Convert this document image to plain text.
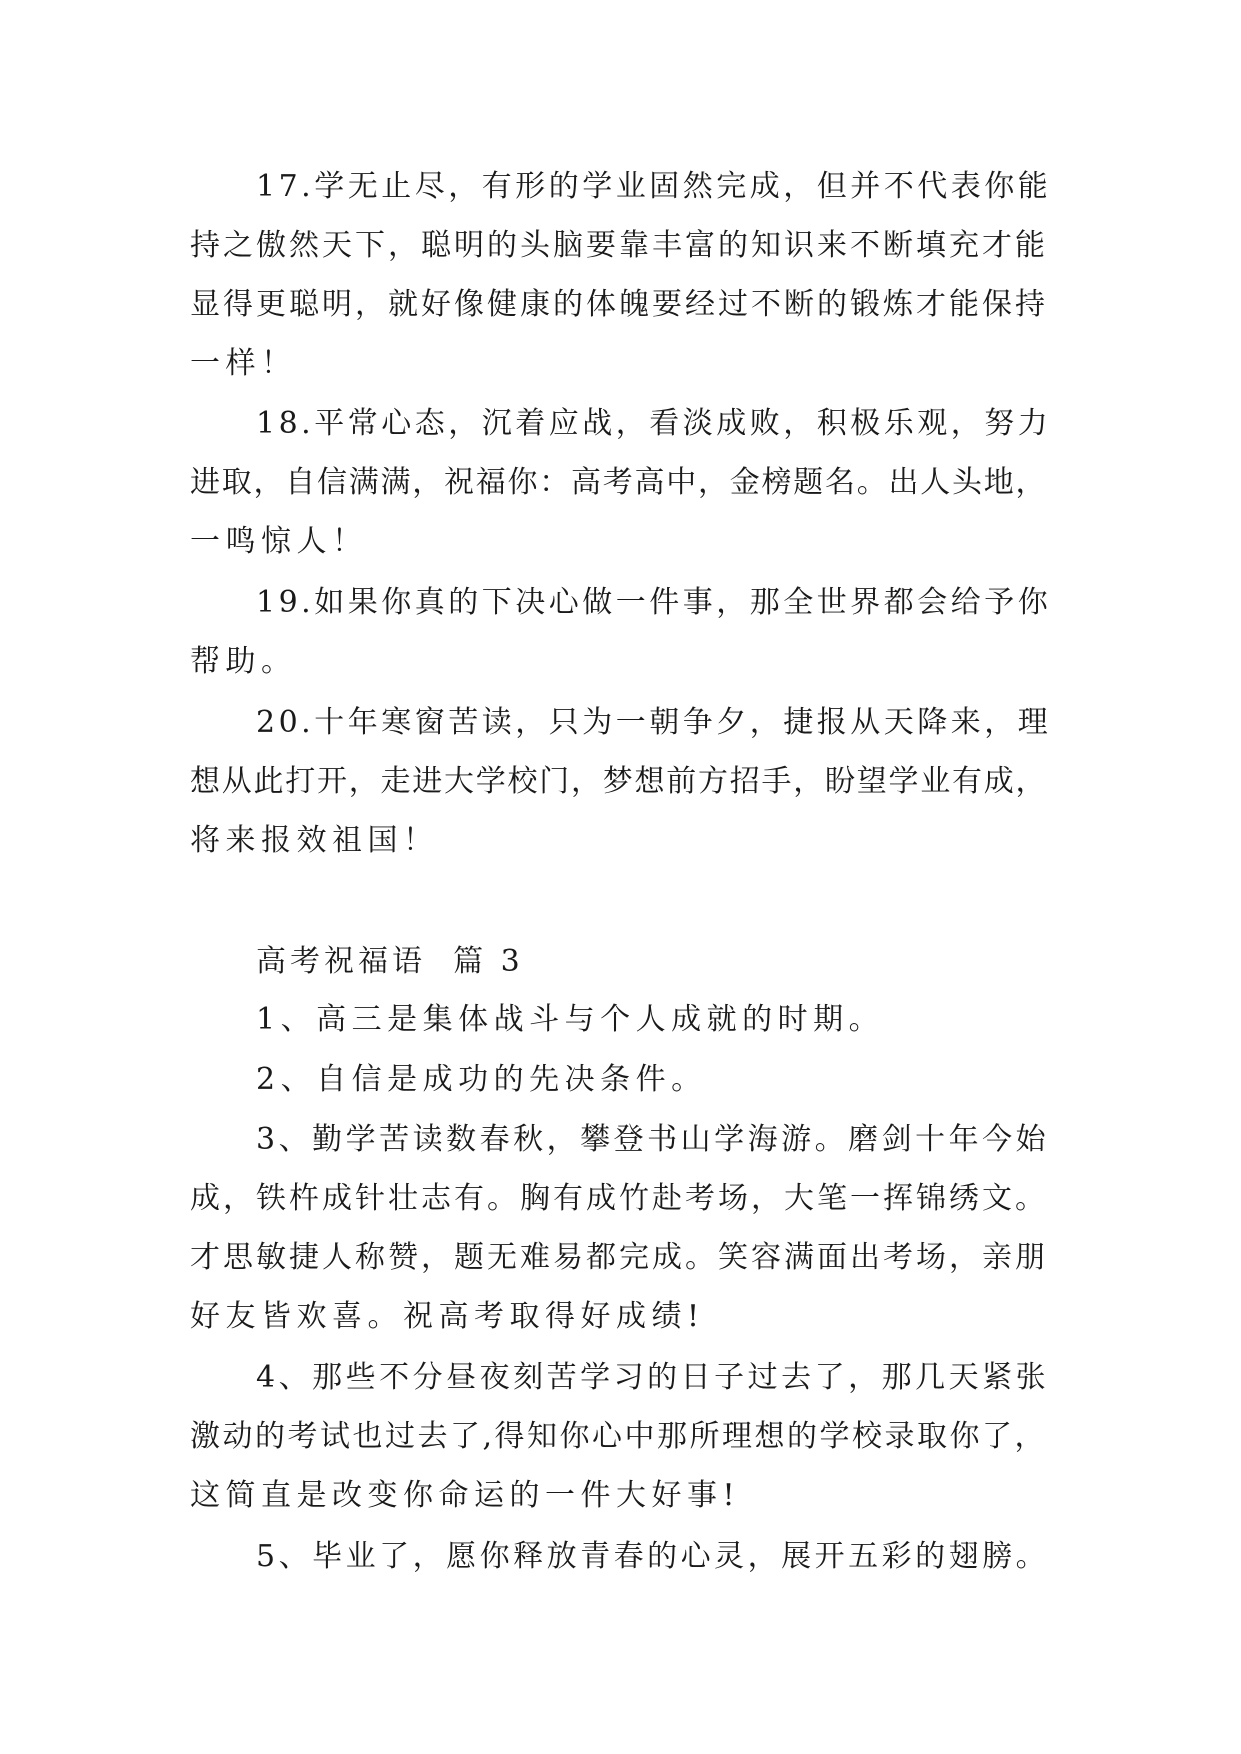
17.学无止尽，有形的学业固然完成，但并不代表你能
持之傲然天下，聪明的头脑要靠丰富的知识来不断填充才能
显得更聪明，就好像健康的体魄要经过不断的锻炼才能保持
一样！
18.平常心态，沉着应战，看淡成败，积极乐观，努力
进取，自信满满，祝福你：高考高中，金榜题名。出人头地，
一鸣惊人！
19.如果你真的下决心做一件事，那全世界都会给予你
帮助。
20.十年寒窗苦读，只为一朝争夕，捷报从天降来，理
想从此打开，走进大学校门，梦想前方招手，盼望学业有成，
将来报效祖国！
高考祝福语  篇 3
1、高三是集体战斗与个人成就的时期。
2、自信是成功的先决条件。
3、勤学苦读数春秋，攀登书山学海游。磨剑十年今始
成，铁杵成针壮志有。胸有成竹赴考场，大笔一挥锦绣文。
才思敏捷人称赞，题无难易都完成。笑容满面出考场，亲朋
好友皆欢喜。祝高考取得好成绩!
4、那些不分昼夜刻苦学习的日子过去了，那几天紧张
激动的考试也过去了,得知你心中那所理想的学校录取你了，
这简直是改变你命运的一件大好事!
5、毕业了，愿你释放青春的心灵，展开五彩的翅膀。
